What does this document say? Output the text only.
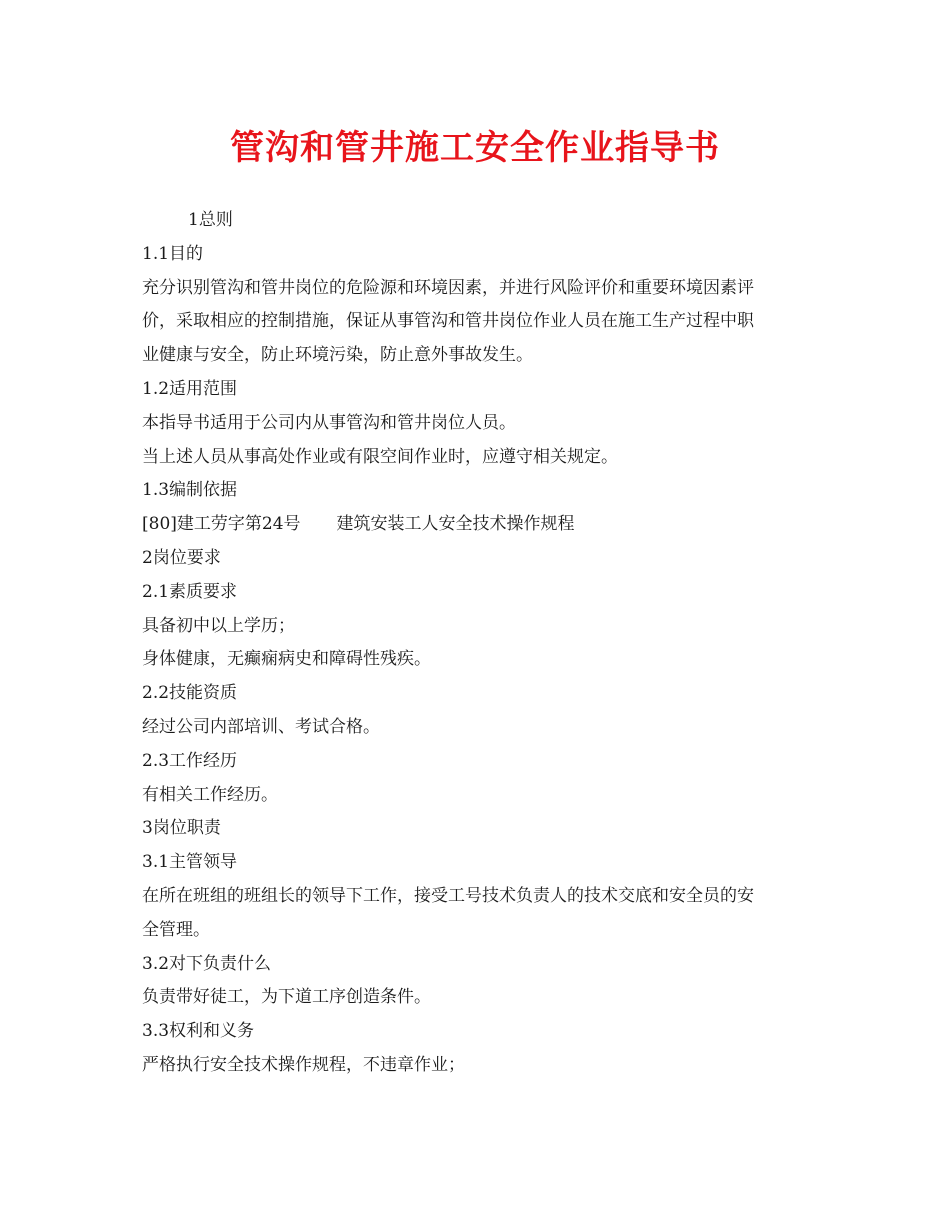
管沟和管井施工安全作业指导书

1总则

1.1目的

充分识别管沟和管井岗位的危险源和环境因素，并进行风险评价和重要环境因素评

价，采取相应的控制措施，保证从事管沟和管井岗位作业人员在施工生产过程中职

业健康与安全，防止环境污染，防止意外事故发生。

1.2适用范围

本指导书适用于公司内从事管沟和管井岗位人员。

当上述人员从事高处作业或有限空间作业时，应遵守相关规定。

1.3编制依据

[80]建工劳字第24号 建筑安装工人安全技术操作规程

2岗位要求

2.1素质要求

具备初中以上学历；

身体健康，无癫痫病史和障碍性残疾。

2.2技能资质

经过公司内部培训、考试合格。

2.3工作经历

有相关工作经历。

3岗位职责

3.1主管领导

在所在班组的班组长的领导下工作，接受工号技术负责人的技术交底和安全员的安

全管理。

3.2对下负责什么

负责带好徒工，为下道工序创造条件。

3.3权利和义务

严格执行安全技术操作规程，不违章作业；
